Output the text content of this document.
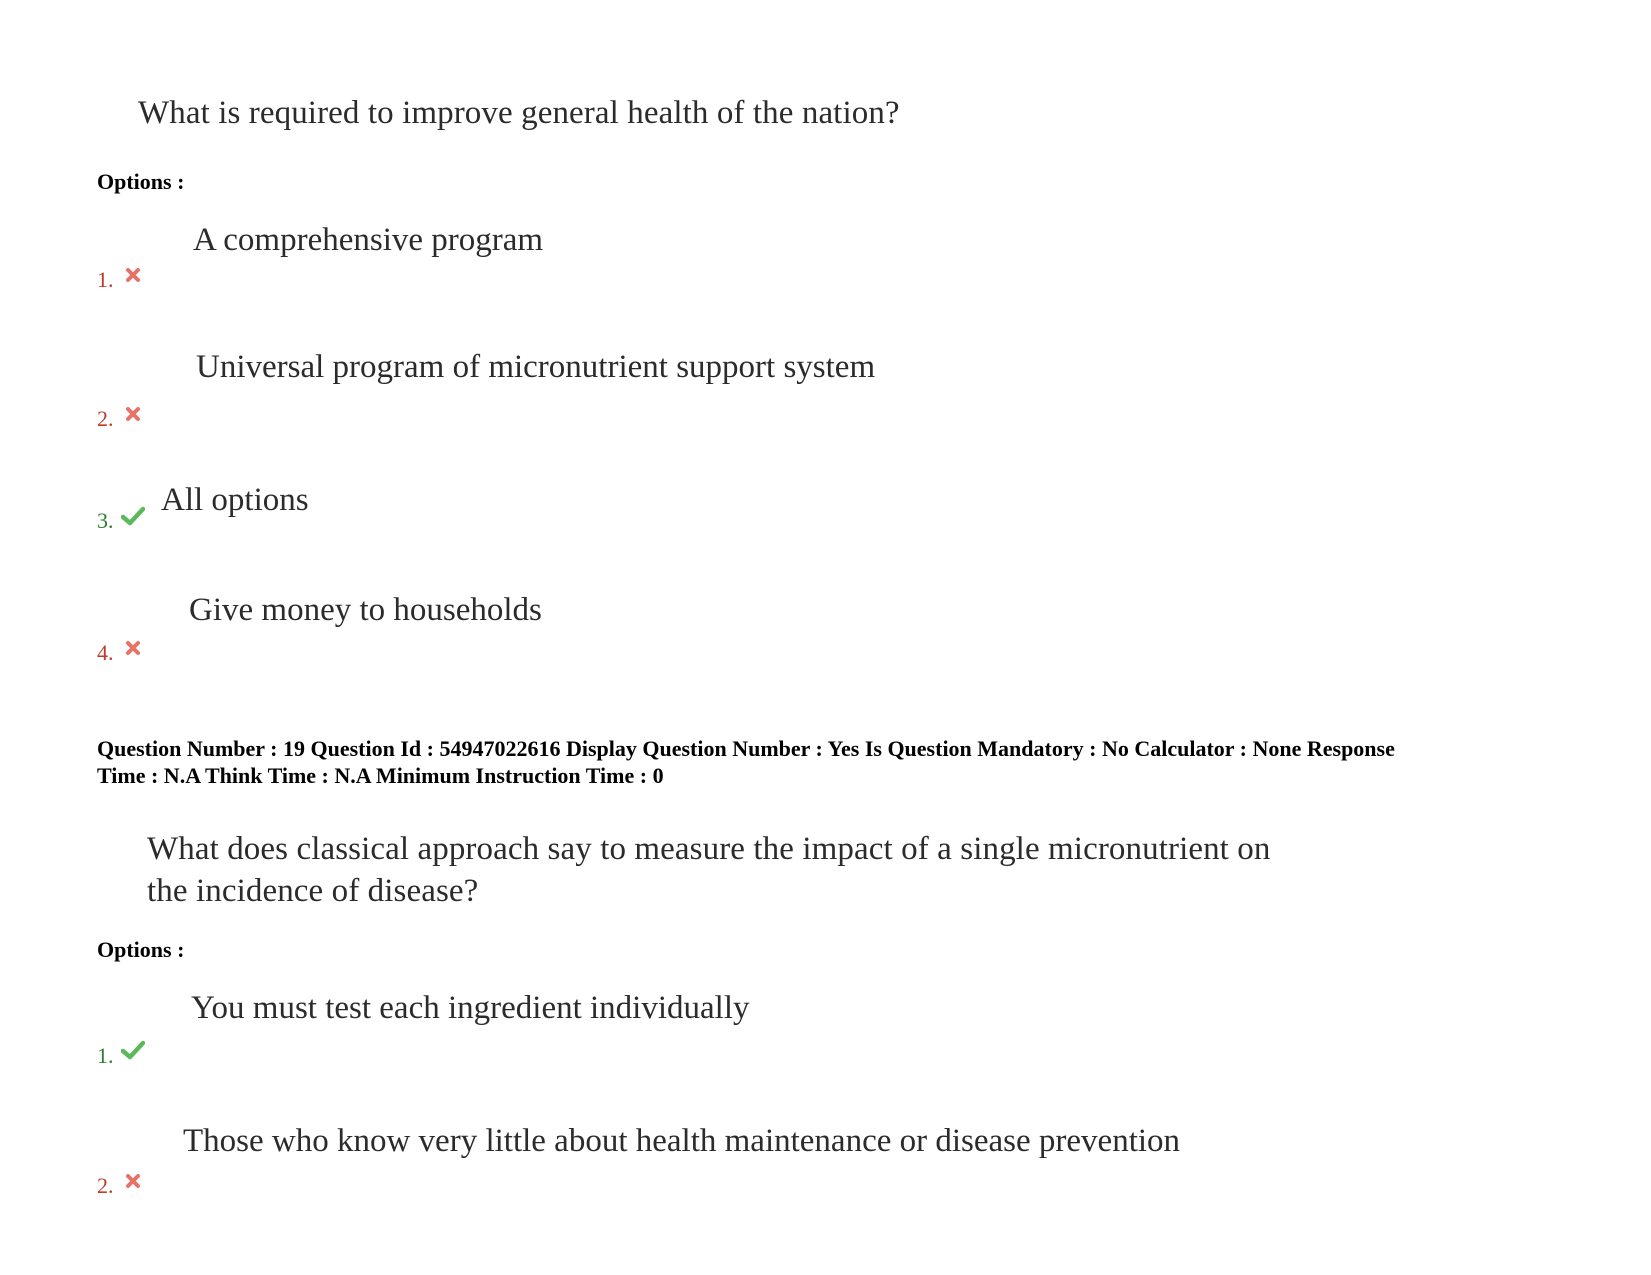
What is required to improve general health of the nation?
Options :
A comprehensive program
1.
Universal program of micronutrient support system
2.
3.
All options
Give money to households
4.
Question Number : 19 Question Id : 54947022616 Display Question Number : Yes Is Question Mandatory : No Calculator : None Response
Time : N.A Think Time : N.A Minimum Instruction Time : 0
What does classical approach say to measure the impact of a single micronutrient on
the incidence of disease?
Options :
You must test each ingredient individually
1.
Those who know very little about health maintenance or disease prevention
2.
